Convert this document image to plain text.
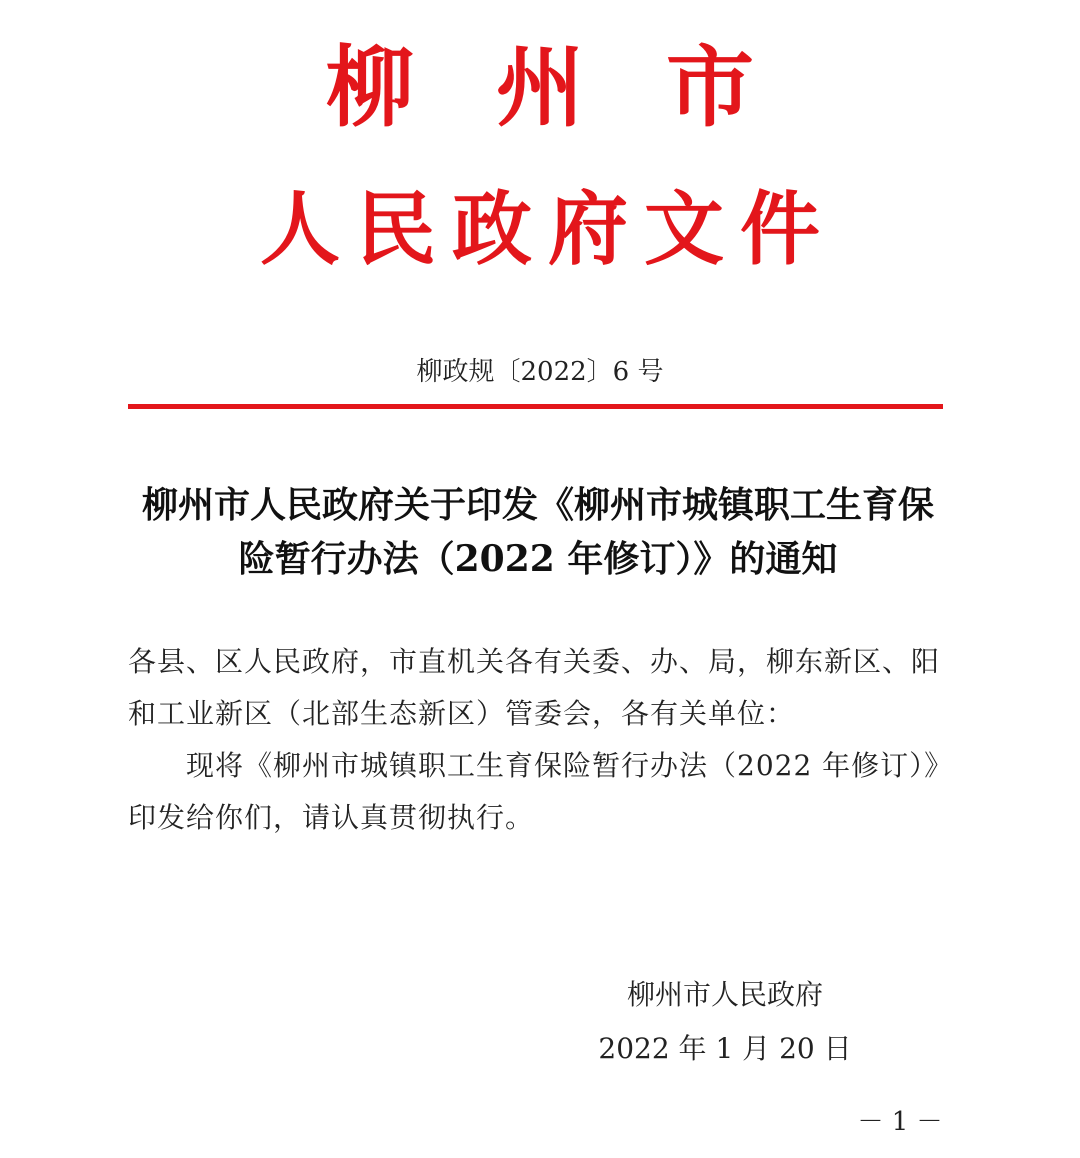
柳州市
人民政府文件
柳政规〔2022〕6 号
柳州市人民政府关于印发《柳州市城镇职工生育保险暂行办法（2022 年修订）》的通知

各县、区人民政府，市直机关各有关委、办、局，柳东新区、阳和工业新区（北部生态新区）管委会，各有关单位：

现将《柳州市城镇职工生育保险暂行办法（2022 年修订）》印发给你们，请认真贯彻执行。

柳州市人民政府
2022 年 1 月 20 日
－ 1 －
